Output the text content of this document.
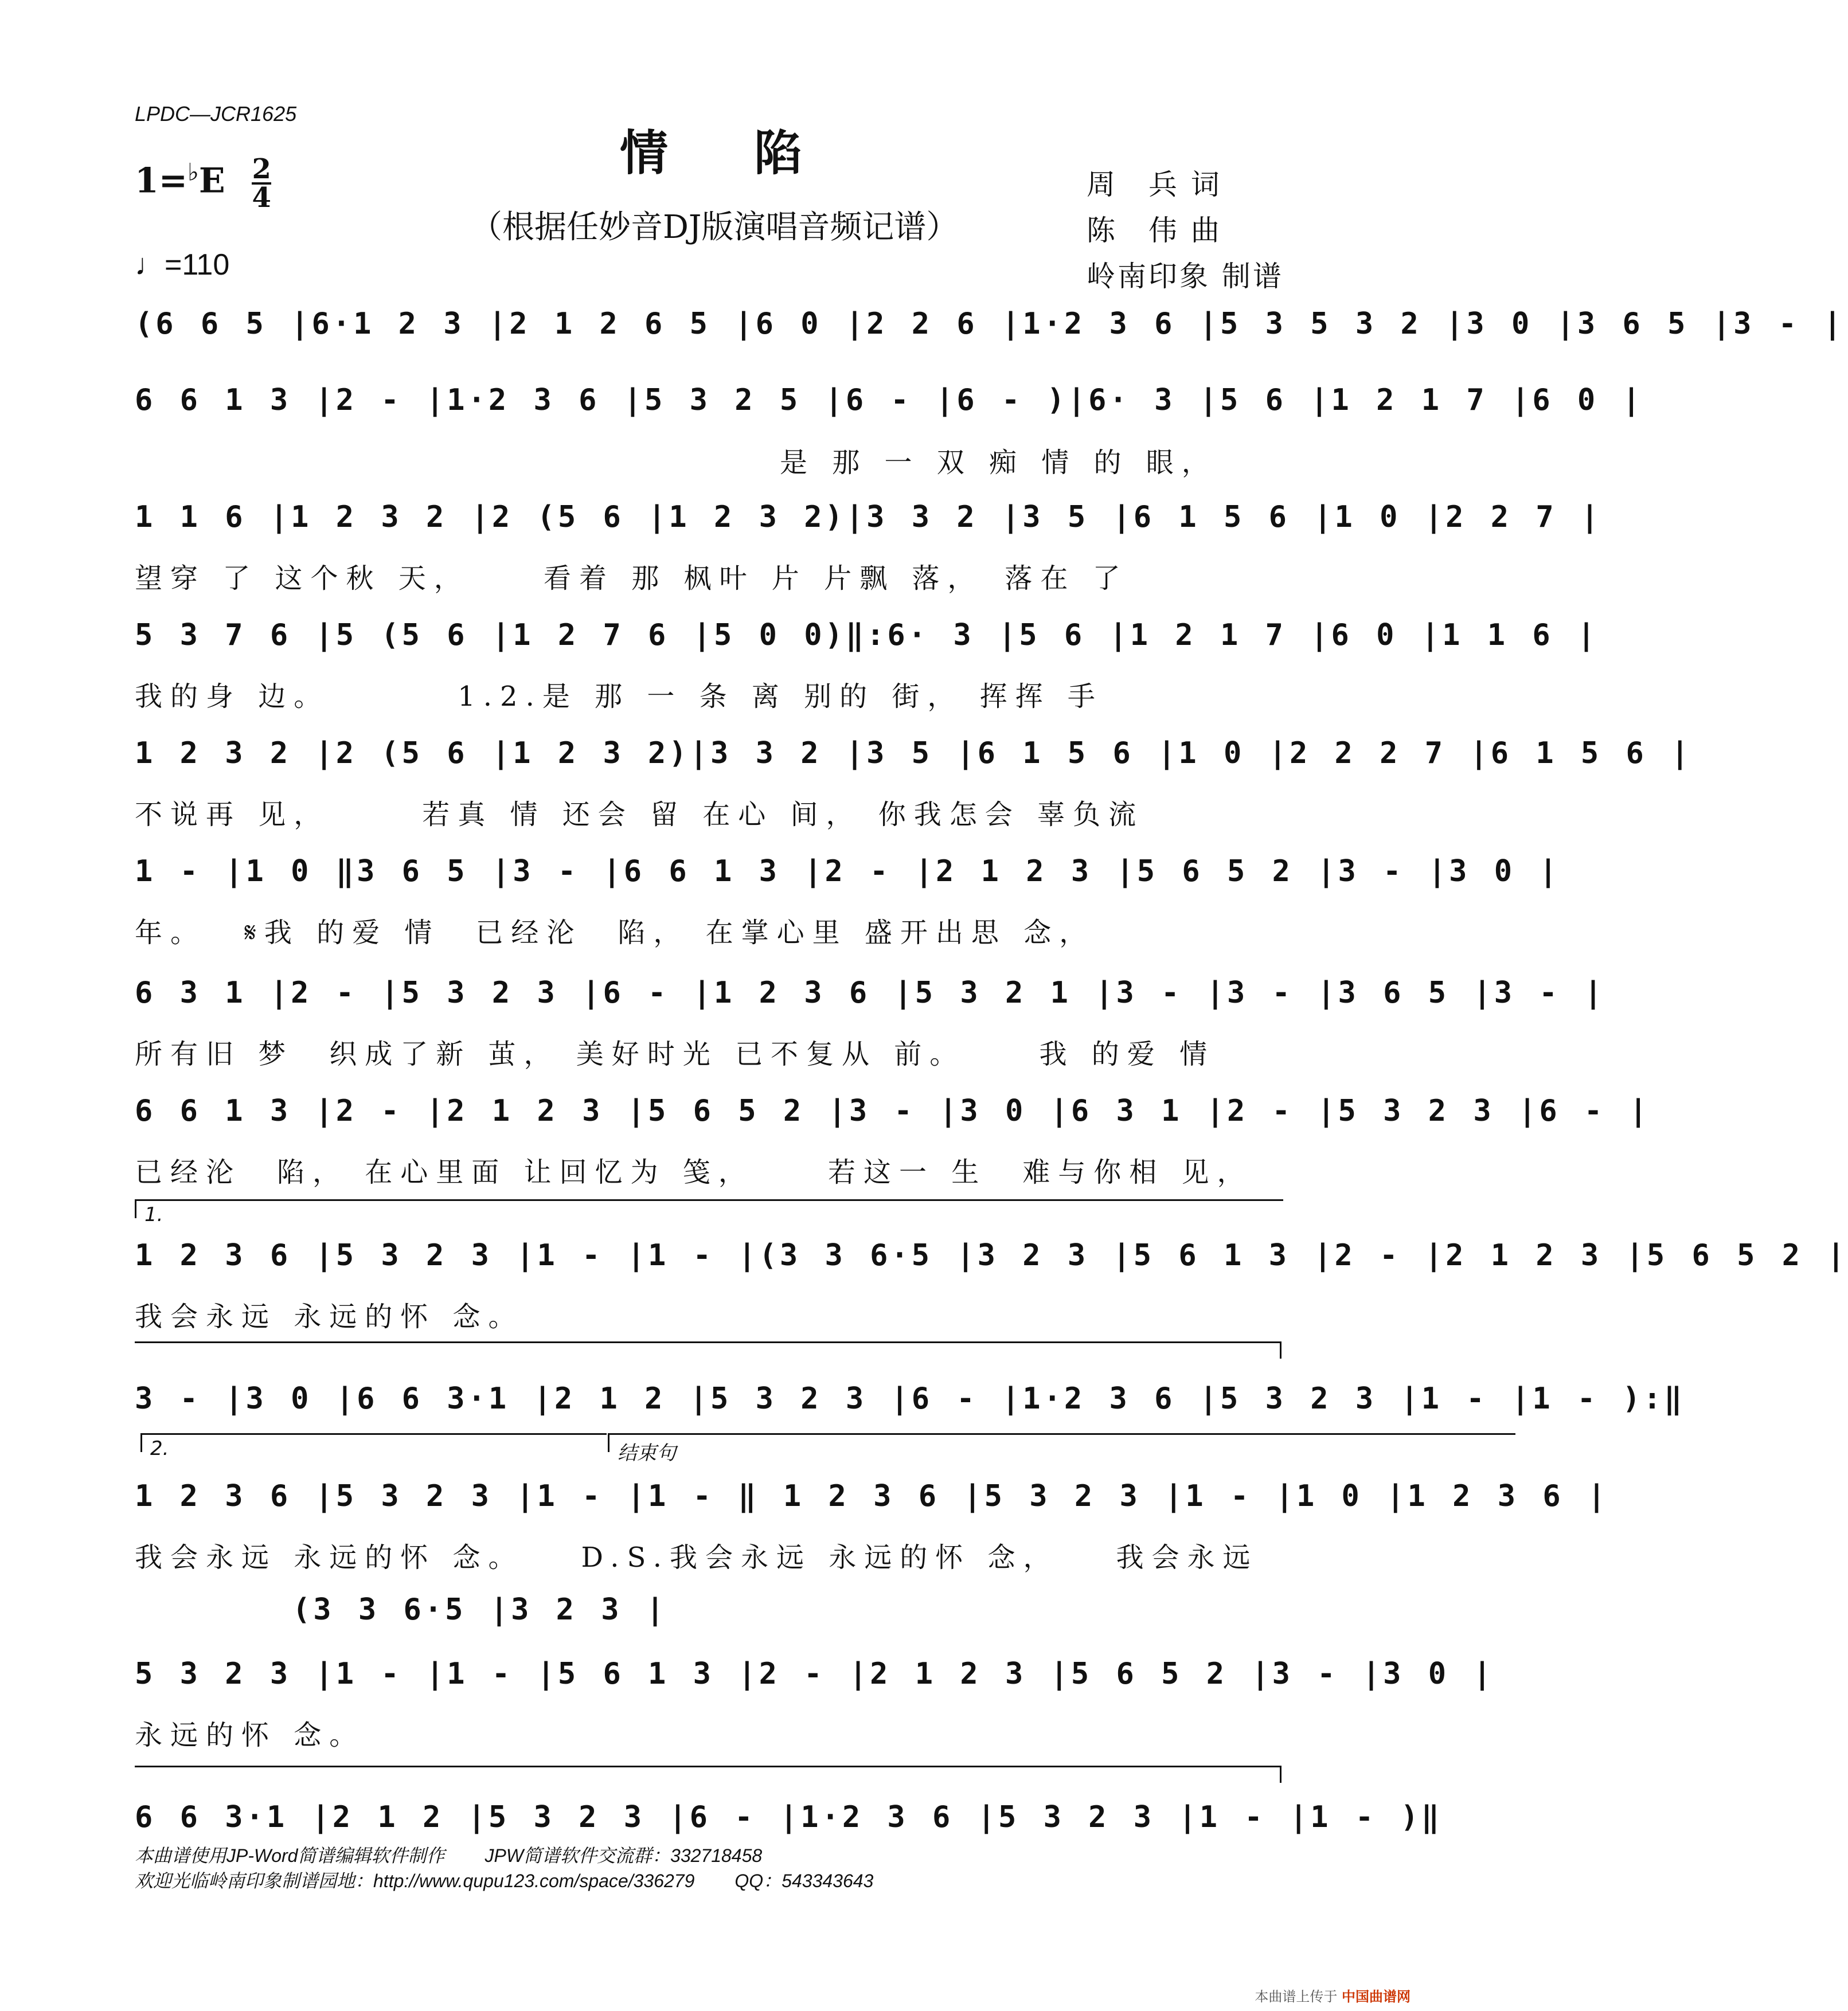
LPDC—JCR1625
情陷
（根据任妙音DJ版演唱音频记谱）
$1=^♭E \frac{2}{4}$
♩=110
周　兵 词
陈　伟 曲
岭南印象 制谱
(6 6 5 |6·1 2 3 |2 1 2 6 5 |6 0 |2 2 6 |1·2 3 6 |5 3 5 3 2 |3 0 |3 6 5 |3 - |
6 6 1 3 |2 - |1·2 3 6 |5 3 2 5 |6 - |6 - )|6· 3 |5 6 |1 2 1 7 |6 0 |
是 那 一 双 痴 情 的 眼，
1 1 6 |1 2 3 2 |2 (5 6 |1 2 3 2)|3 3 2 |3 5 |6 1 5 6 |1 0 |2 2 7 |
望穿 了 这个秋 天，　　 看着 那 枫叶 片 片飘 落，　落在 了
5 3 7 6 |5 (5 6 |1 2 7 6 |5 0 0)‖:6· 3 |5 6 |1 2 1 7 |6 0 |1 1 6 |
我的身 边。　　　　1.2.是 那 一 条 离 别的 街， 挥挥 手
1 2 3 2 |2 (5 6 |1 2 3 2)|3 3 2 |3 5 |6 1 5 6 |1 0 |2 2 2 7 |6 1 5 6 |
不说再 见，　　　若真 情 还会 留 在心 间， 你我怎会 辜负流
1 - |1 0 ‖3 6 5 |3 - |6 6 1 3 |2 - |2 1 2 3 |5 6 5 2 |3 - |3 0 |
年。　 𝄋我 的爱 情　已经沦　陷， 在掌心里 盛开出思 念，
6 3 1 |2 - |5 3 2 3 |6 - |1 2 3 6 |5 3 2 1 |3 - |3 - |3 6 5 |3 - |
所有旧 梦　织成了新 茧， 美好时光 已不复从 前。　　 我 的爱 情
6 6 1 3 |2 - |2 1 2 3 |5 6 5 2 |3 - |3 0 |6 3 1 |2 - |5 3 2 3 |6 - |
已经沦　陷， 在心里面 让回忆为 笺，　　 若这一 生　难与你相 见，
1.
1 2 3 6 |5 3 2 3 |1 - |1 - |(3 3 6·5 |3 2 3 |5 6 1 3 |2 - |2 1 2 3 |5 6 5 2 |
我会永远 永远的怀 念。
3 - |3 0 |6 6 3·1 |2 1 2 |5 3 2 3 |6 - |1·2 3 6 |5 3 2 3 |1 - |1 - ):‖
2.	结束句
1 2 3 6 |5 3 2 3 |1 - |1 - ‖ 1 2 3 6 |5 3 2 3 |1 - |1 0 |1 2 3 6 |
我会永远 永远的怀 念。　　D.S.我会永远 永远的怀 念，　　我会永远
(3 3 6·5 |3 2 3 |
5 3 2 3 |1 - |1 - |5 6 1 3 |2 - |2 1 2 3 |5 6 5 2 |3 - |3 0 |
永远的怀 念。
6 6 3·1 |2 1 2 |5 3 2 3 |6 - |1·2 3 6 |5 3 2 3 |1 - |1 - )‖
本曲谱使用JP-Word简谱编辑软件制作 JPW简谱软件交流群：332718458
欢迎光临岭南印象制谱园地：http://www.qupu123.com/space/336279 QQ：543343643
本曲谱上传于 中国曲谱网
